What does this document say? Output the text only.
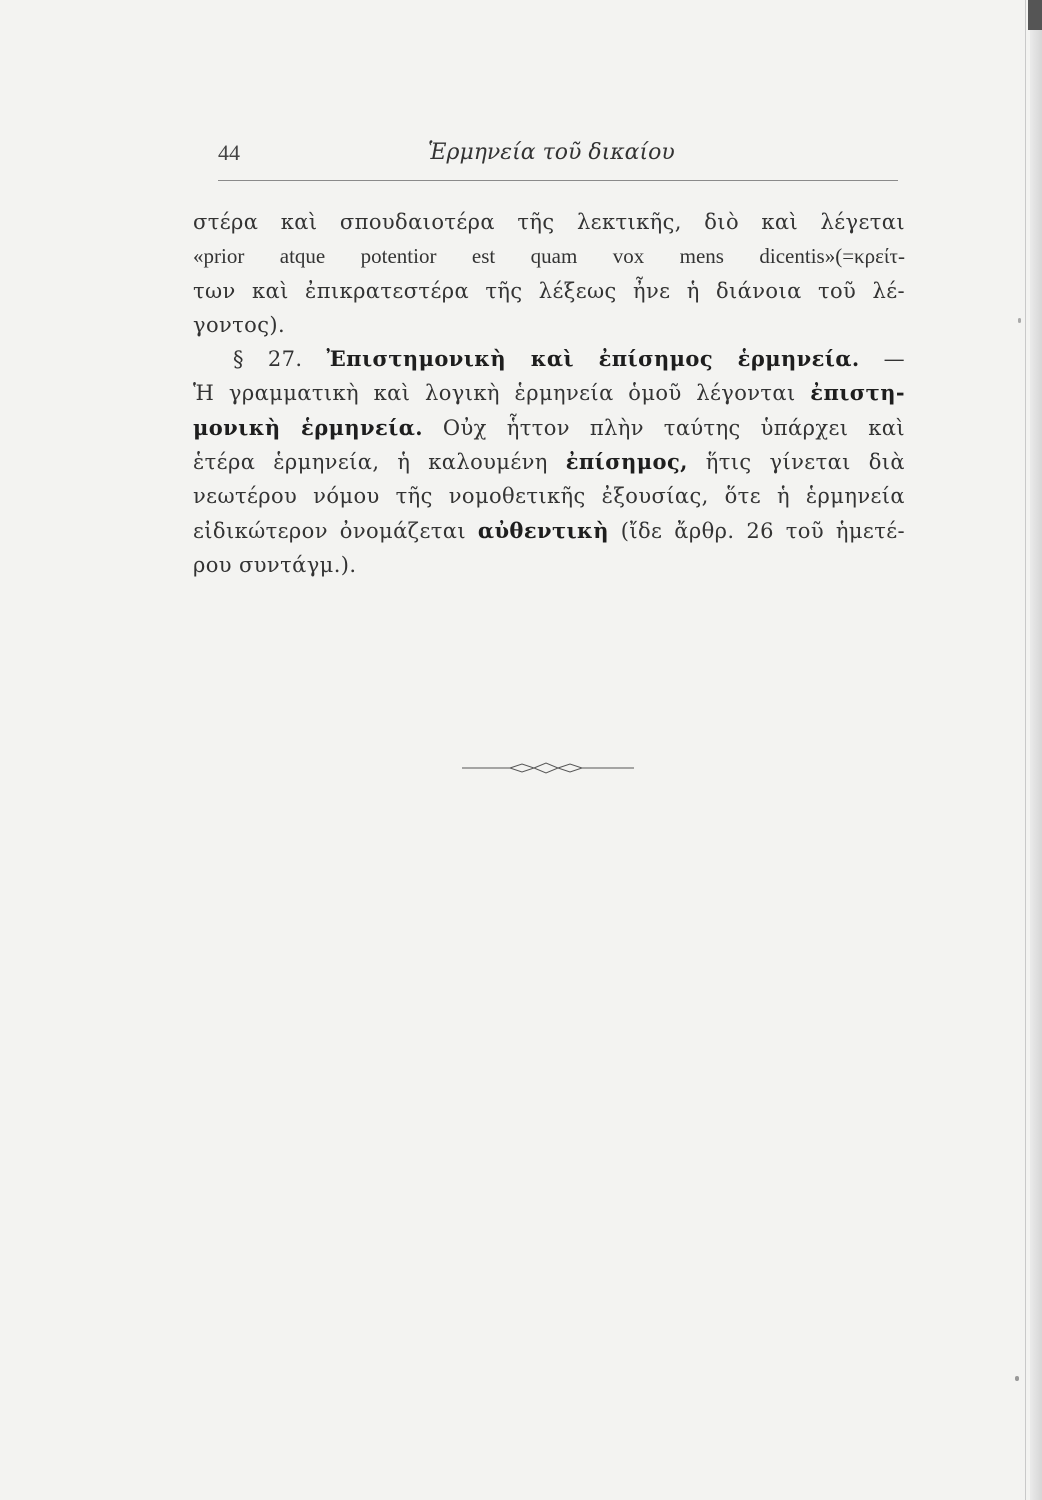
44	Ἑρμηνεία τοῦ δικαίου
στέρα καὶ σπουδαιοτέρα τῆς λεκτικῆς, διὸ καὶ λέγεται
«prior atque potentior est quam vox mens dicentis»(=κρείτ-
των καὶ ἐπικρατεστέρα τῆς λέξεως ἦνε ἡ διάνοια τοῦ λέ-
γοντος).
§ 27. Ἐπιστημονικὴ καὶ ἐπίσημος ἑρμηνεία. —
Ἡ γραμματικὴ καὶ λογικὴ ἑρμηνεία ὁμοῦ λέγονται ἐπιστη-
μονικὴ ἑρμηνεία. Οὐχ ἧττον πλὴν ταύτης ὑπάρχει καὶ
ἑτέρα ἑρμηνεία, ἡ καλουμένη ἐπίσημος, ἥτις γίνεται διὰ
νεωτέρου νόμου τῆς νομοθετικῆς ἐξουσίας, ὅτε ἡ ἑρμηνεία
εἰδικώτερον ὀνομάζεται αὐθεντικὴ (ἴδε ἄρθρ. 26 τοῦ ἡμετέ-
ρου συντάγμ.).
